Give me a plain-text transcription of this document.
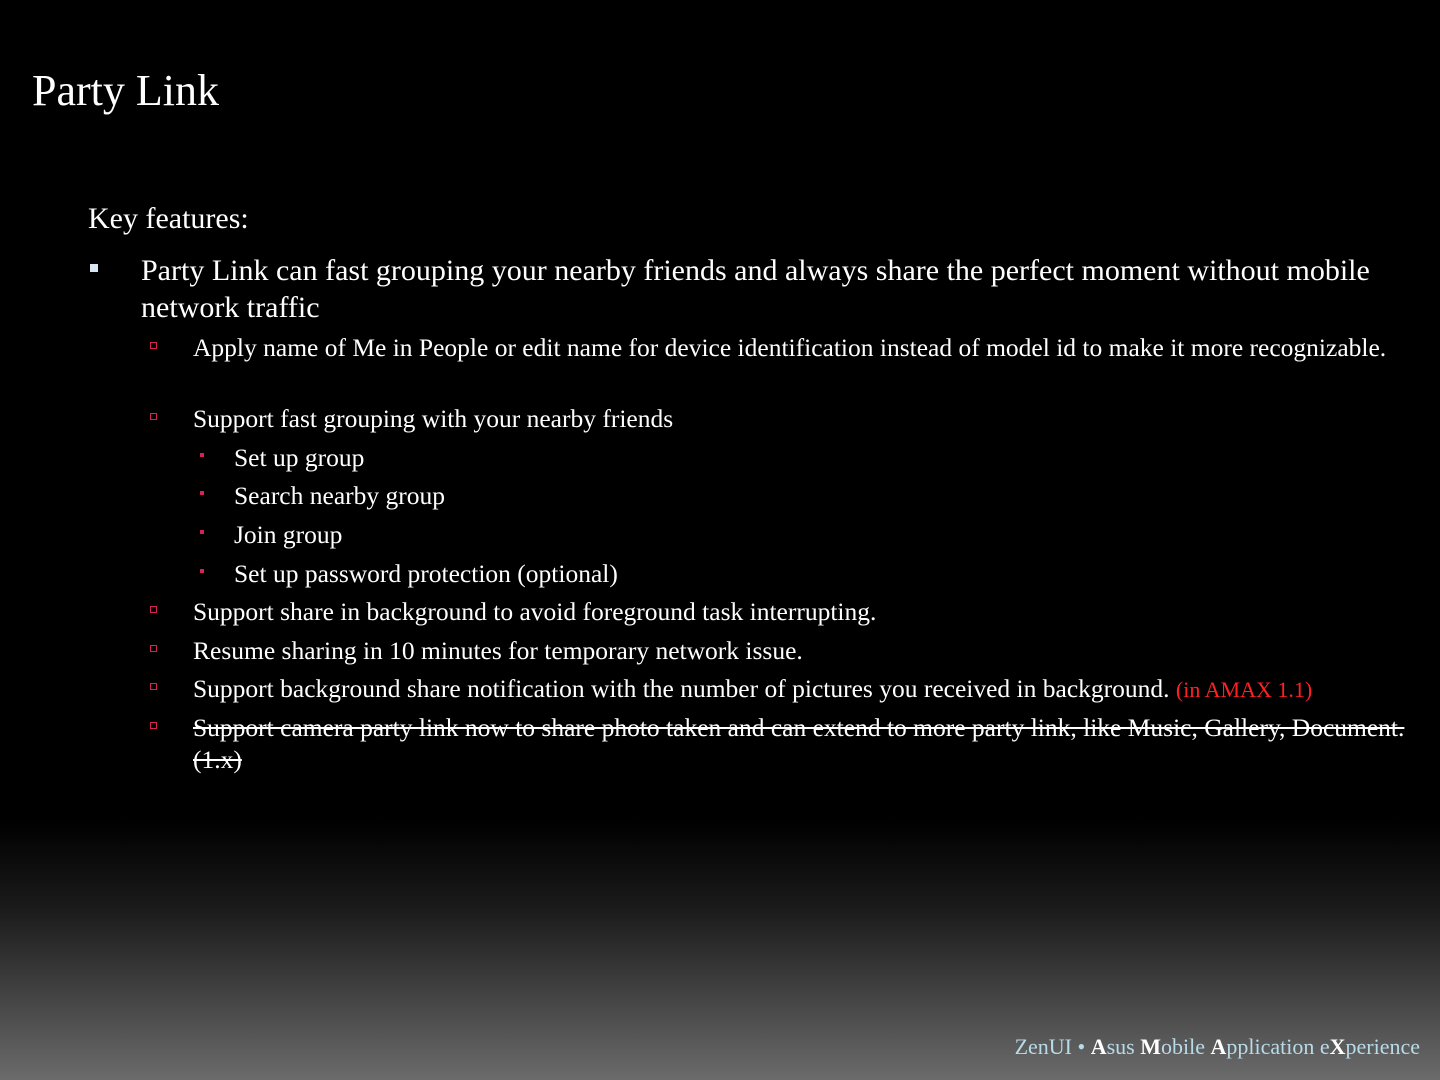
Party Link
Key features:
Party Link can fast grouping your nearby friends and always share the perfect moment without mobile network traffic
Apply name of Me in People or edit name for device identification instead of model id to make it more recognizable.
Support fast grouping with your nearby friends
Set up group
Search nearby group
Join group
Set up password protection (optional)
Support share in background to avoid foreground task interrupting.
Resume sharing in 10 minutes for temporary network issue.
Support background share notification with the number of pictures you received in background. (in AMAX 1.1)
Support camera party link now to share photo taken and can extend to more party link, like Music, Gallery, Document. (1.x)
ZenUI • Asus Mobile Application eXperience
